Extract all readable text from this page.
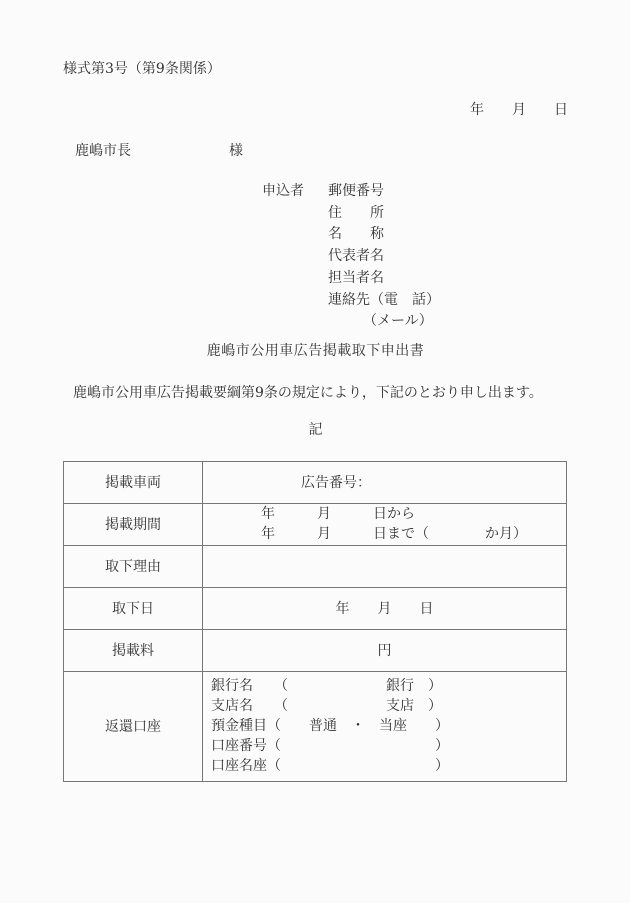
様式第3号（第9条関係）
年　　月　　日
鹿嶋市長　　　　　　　様
申込者 郵便番号
住　　所
名　　称
代表者名
担当者名
連絡先（電　話）
　　　（メール）
鹿嶋市公用車広告掲載取下申出書
鹿嶋市公用車広告掲載要綱第9条の規定により，下記のとおり申し出ます。
記
掲載車両	広告番号：
掲載期間	年　　　月　　　日から
年　　　月　　　日まで（　　　　か月）

取下理由	
取下日	年　　月　　日
掲載料	円
返還口座	銀行名　　（　　　　　　　銀行　）
支店名　　（　　　　　　　支店　）
預金種目（　　普通　・　当座　　）
口座番号（　　　　　　　　　　　）
口座名座（　　　　　　　　　　　）
